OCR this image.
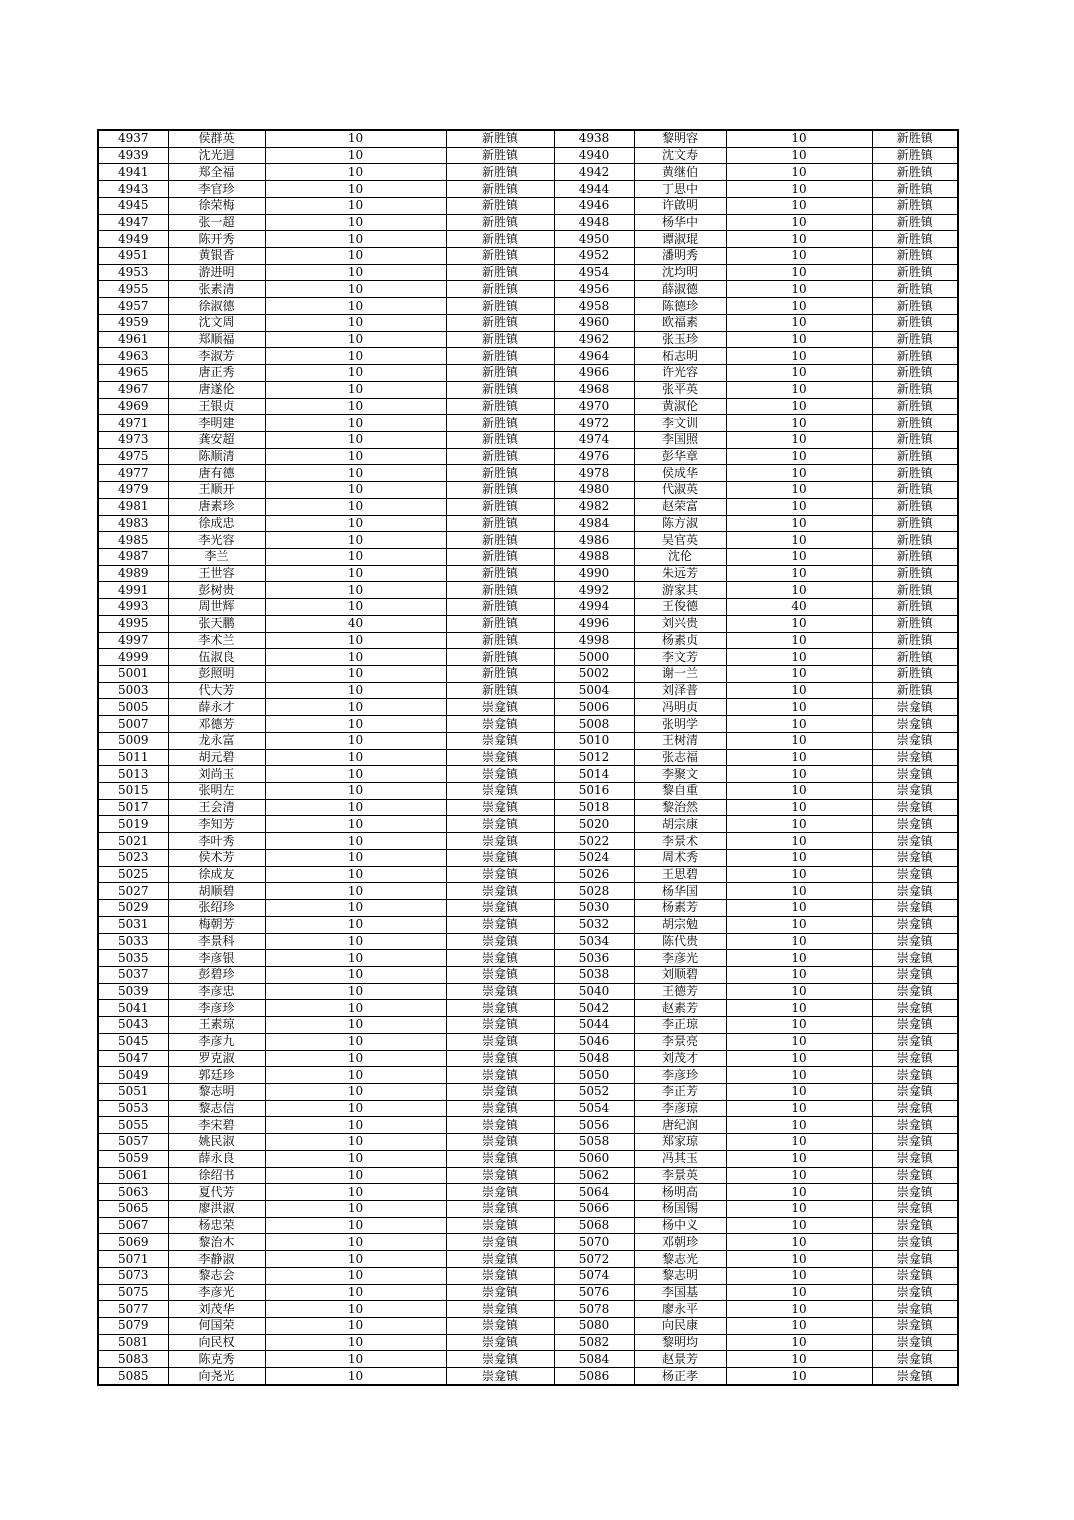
4937	侯群英	10	新胜镇	4938	黎明容	10	新胜镇
4939	沈光迥	10	新胜镇	4940	沈文寿	10	新胜镇
4941	郑全福	10	新胜镇	4942	黄继伯	10	新胜镇
4943	李官珍	10	新胜镇	4944	丁思中	10	新胜镇
4945	徐荣梅	10	新胜镇	4946	许啟明	10	新胜镇
4947	张一超	10	新胜镇	4948	杨华中	10	新胜镇
4949	陈开秀	10	新胜镇	4950	谭淑琨	10	新胜镇
4951	黄银香	10	新胜镇	4952	潘明秀	10	新胜镇
4953	游进明	10	新胜镇	4954	沈均明	10	新胜镇
4955	张素清	10	新胜镇	4956	薛淑德	10	新胜镇
4957	徐淑德	10	新胜镇	4958	陈德珍	10	新胜镇
4959	沈文周	10	新胜镇	4960	欧福素	10	新胜镇
4961	郑顺福	10	新胜镇	4962	张玉珍	10	新胜镇
4963	李淑芳	10	新胜镇	4964	柘志明	10	新胜镇
4965	唐正秀	10	新胜镇	4966	许光容	10	新胜镇
4967	唐遂伦	10	新胜镇	4968	张平英	10	新胜镇
4969	王银贞	10	新胜镇	4970	黄淑伦	10	新胜镇
4971	李明建	10	新胜镇	4972	李文训	10	新胜镇
4973	龚安超	10	新胜镇	4974	李国照	10	新胜镇
4975	陈顺清	10	新胜镇	4976	彭华章	10	新胜镇
4977	唐有德	10	新胜镇	4978	侯成华	10	新胜镇
4979	王顺开	10	新胜镇	4980	代淑英	10	新胜镇
4981	唐素珍	10	新胜镇	4982	赵荣富	10	新胜镇
4983	徐成忠	10	新胜镇	4984	陈方淑	10	新胜镇
4985	李光容	10	新胜镇	4986	吴官英	10	新胜镇
4987	李兰	10	新胜镇	4988	沈伦	10	新胜镇
4989	王世容	10	新胜镇	4990	朱远芳	10	新胜镇
4991	彭树贵	10	新胜镇	4992	游家其	10	新胜镇
4993	周世辉	10	新胜镇	4994	王俊德	40	新胜镇
4995	张天鹏	40	新胜镇	4996	刘兴贵	10	新胜镇
4997	李术兰	10	新胜镇	4998	杨素贞	10	新胜镇
4999	伍淑良	10	新胜镇	5000	李文芳	10	新胜镇
5001	彭照明	10	新胜镇	5002	谢一兰	10	新胜镇
5003	代大芳	10	新胜镇	5004	刘泽普	10	新胜镇
5005	薛永才	10	崇龛镇	5006	冯明贞	10	崇龛镇
5007	邓德芳	10	崇龛镇	5008	张明学	10	崇龛镇
5009	龙永富	10	崇龛镇	5010	王树清	10	崇龛镇
5011	胡元碧	10	崇龛镇	5012	张志福	10	崇龛镇
5013	刘尚玉	10	崇龛镇	5014	李聚文	10	崇龛镇
5015	张明左	10	崇龛镇	5016	黎自重	10	崇龛镇
5017	王会清	10	崇龛镇	5018	黎治然	10	崇龛镇
5019	李知芳	10	崇龛镇	5020	胡宗康	10	崇龛镇
5021	李叶秀	10	崇龛镇	5022	李景术	10	崇龛镇
5023	侯术芳	10	崇龛镇	5024	周术秀	10	崇龛镇
5025	徐成友	10	崇龛镇	5026	王思碧	10	崇龛镇
5027	胡顺碧	10	崇龛镇	5028	杨华国	10	崇龛镇
5029	张绍珍	10	崇龛镇	5030	杨素芳	10	崇龛镇
5031	梅朝芳	10	崇龛镇	5032	胡宗勉	10	崇龛镇
5033	李景科	10	崇龛镇	5034	陈代贵	10	崇龛镇
5035	李彦银	10	崇龛镇	5036	李彦光	10	崇龛镇
5037	彭碧珍	10	崇龛镇	5038	刘顺碧	10	崇龛镇
5039	李彦忠	10	崇龛镇	5040	王德芳	10	崇龛镇
5041	李彦珍	10	崇龛镇	5042	赵素芳	10	崇龛镇
5043	王素琼	10	崇龛镇	5044	李正琼	10	崇龛镇
5045	李彦九	10	崇龛镇	5046	李景亮	10	崇龛镇
5047	罗克淑	10	崇龛镇	5048	刘茂才	10	崇龛镇
5049	郭廷珍	10	崇龛镇	5050	李彦珍	10	崇龛镇
5051	黎志明	10	崇龛镇	5052	李正芳	10	崇龛镇
5053	黎志信	10	崇龛镇	5054	李彦琼	10	崇龛镇
5055	李宋碧	10	崇龛镇	5056	唐纪润	10	崇龛镇
5057	姚民淑	10	崇龛镇	5058	郑家琼	10	崇龛镇
5059	薛永良	10	崇龛镇	5060	冯其玉	10	崇龛镇
5061	徐绍书	10	崇龛镇	5062	李景英	10	崇龛镇
5063	夏代芳	10	崇龛镇	5064	杨明高	10	崇龛镇
5065	廖洪淑	10	崇龛镇	5066	杨国锡	10	崇龛镇
5067	杨忠荣	10	崇龛镇	5068	杨中义	10	崇龛镇
5069	黎治木	10	崇龛镇	5070	邓朝珍	10	崇龛镇
5071	李静淑	10	崇龛镇	5072	黎志光	10	崇龛镇
5073	黎志会	10	崇龛镇	5074	黎志明	10	崇龛镇
5075	李彦光	10	崇龛镇	5076	李国基	10	崇龛镇
5077	刘茂华	10	崇龛镇	5078	廖永平	10	崇龛镇
5079	何国荣	10	崇龛镇	5080	向民康	10	崇龛镇
5081	向民权	10	崇龛镇	5082	黎明均	10	崇龛镇
5083	陈克秀	10	崇龛镇	5084	赵景芳	10	崇龛镇
5085	向尧光	10	崇龛镇	5086	杨正孝	10	崇龛镇
